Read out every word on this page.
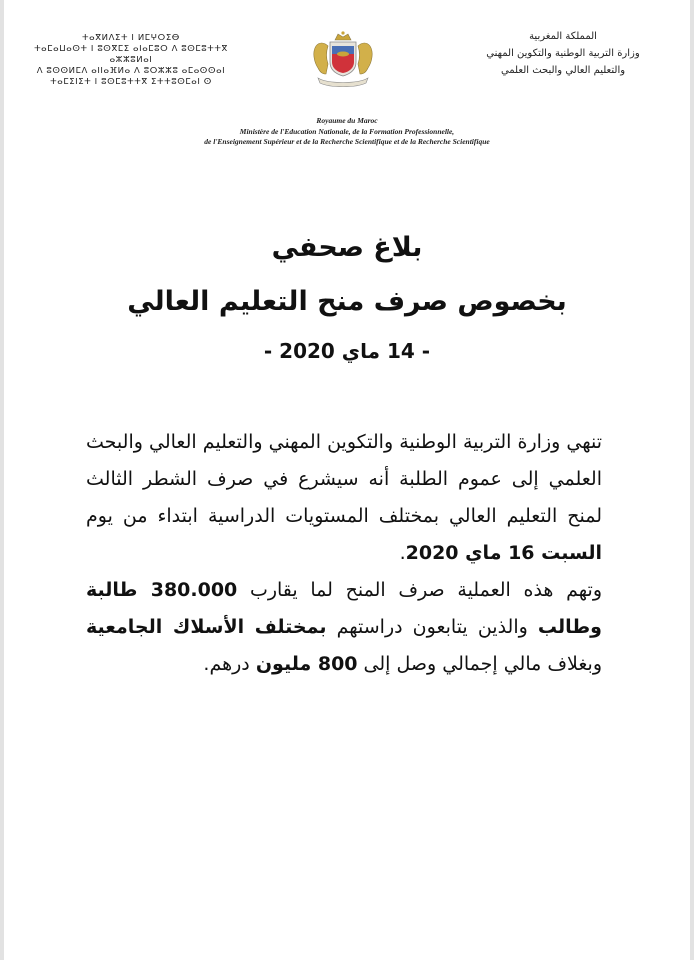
ⵜⴰⴳⵍⴷⵉⵜ ⵏ ⵍⵎⵖⵔⵉⴱ
ⵜⴰⵎⴰⵡⴰⵙⵜ ⵏ ⵓⵙⴳⵎⵉ ⴰⵏⴰⵎⵓⵔ ⴷ ⵓⵙⵎⵓⵜⵜⴳ ⴰⵣⵣⵓⵍⴰⵏ
ⴷ ⵓⵙⵙⵍⵎⴷ ⴰⵏⵏⴰⴼⵍⴰ ⴷ ⵓⵔⵣⵣⵓ ⴰⵎⴰⵙⵙⴰⵏ
ⵜⴰⵎⵉⵏⵉⵜ ⵏ ⵓⵙⵎⵓⵜⵜⴳ ⵉⵜⵜⵓⵙⵎⴰⵏ ⵙ
المملكة المغربية
وزارة التربية الوطنية والتكوين المهني
والتعليم العالي والبحث العلمي
Royaume du Maroc
Ministère de l'Education Nationale, de la Formation Professionnelle,
de l'Enseignement Supérieur et de la Recherche Scientifique et de la Recherche Scientifique
بلاغ صحفي
بخصوص صرف منح التعليم العالي
- 14 ماي 2020 -

تنهي وزارة التربية الوطنية والتكوين المهني والتعليم العالي والبحث العلمي إلى عموم الطلبة أنه سيشرع في صرف الشطر الثالث لمنح التعليم العالي بمختلف المستويات الدراسية ابتداء من يوم السبت 16 ماي 2020.

وتهم هذه العملية صرف المنح لما يقارب 380.000 طالبة وطالب والذين يتابعون دراستهم بمختلف الأسلاك الجامعية وبغلاف مالي إجمالي وصل إلى 800 مليون درهم.
